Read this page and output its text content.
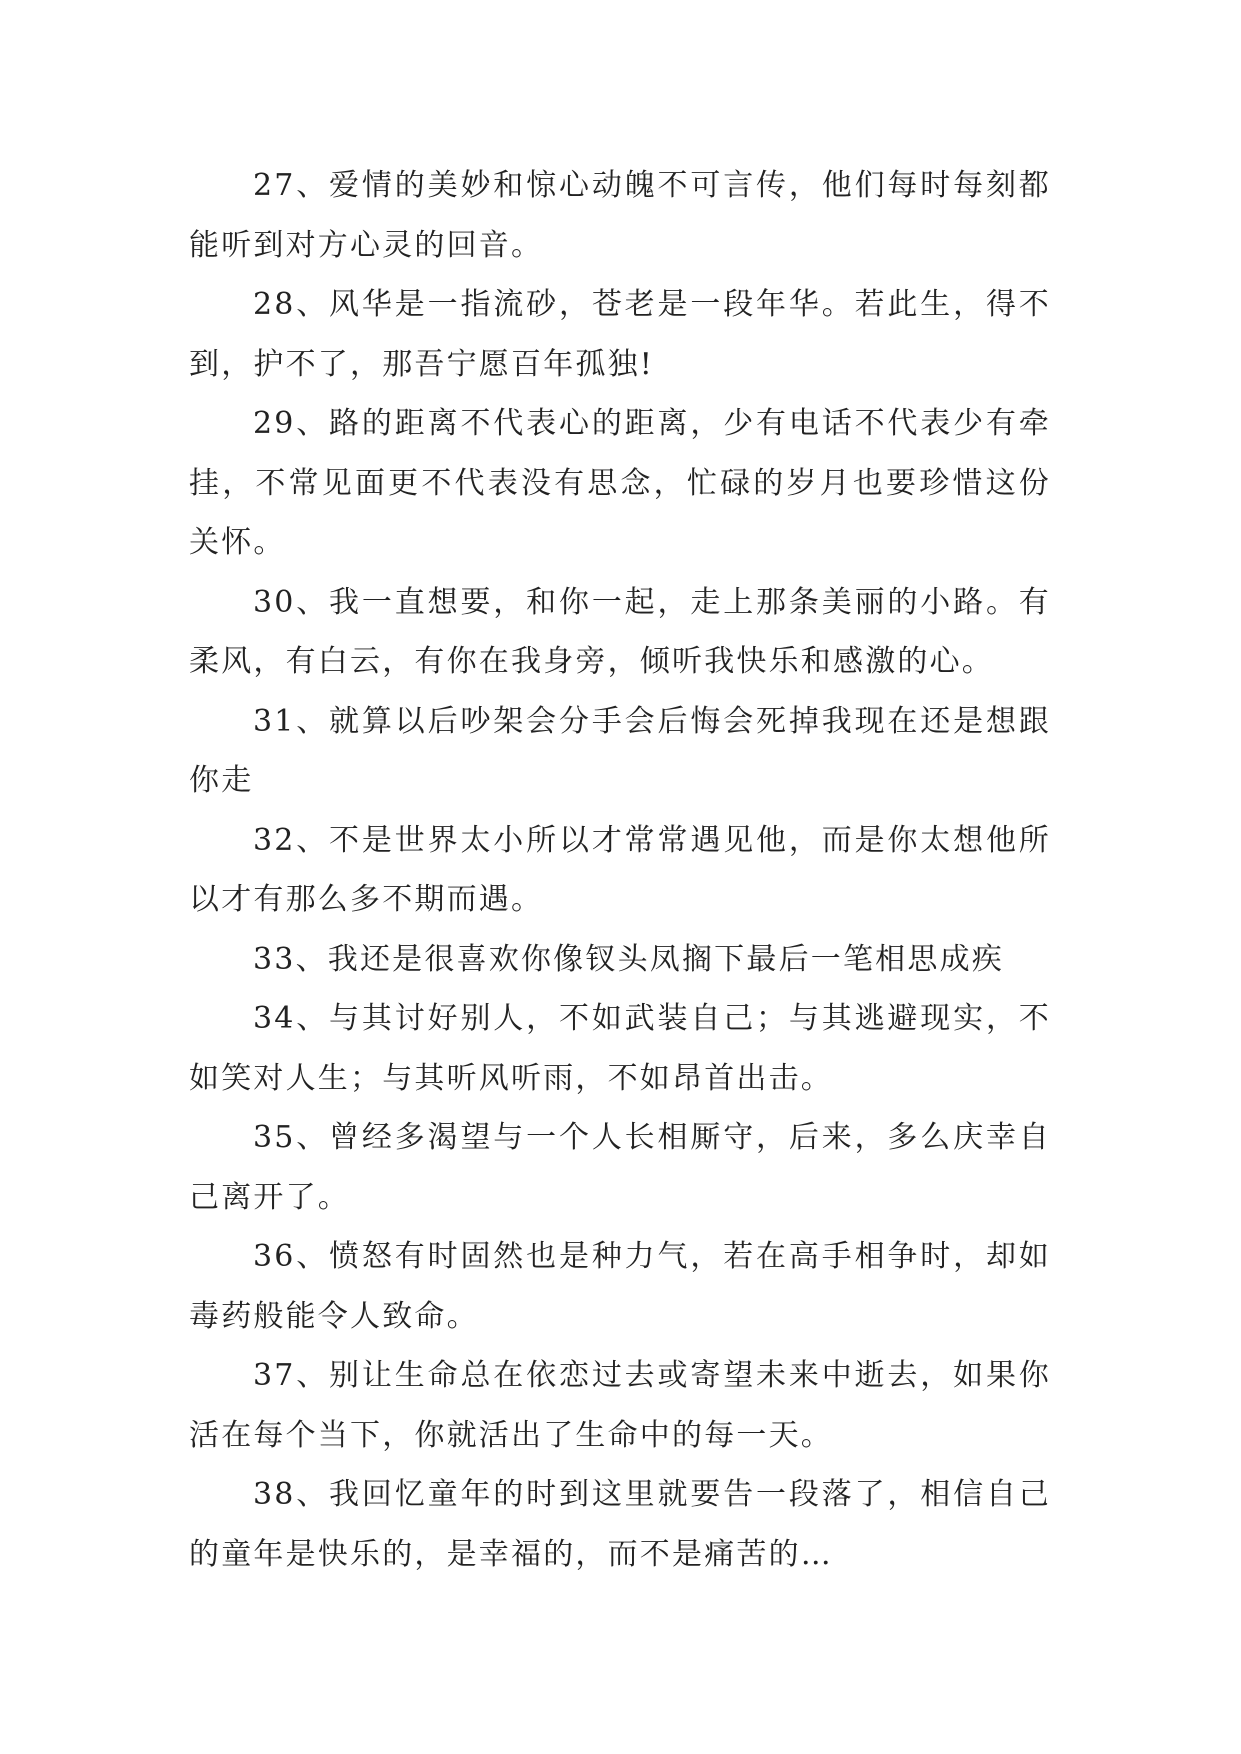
27、爱情的美妙和惊心动魄不可言传，他们每时每刻都能听到对方心灵的回音。

28、风华是一指流砂，苍老是一段年华。若此生，得不到，护不了，那吾宁愿百年孤独!

29、路的距离不代表心的距离，少有电话不代表少有牵挂，不常见面更不代表没有思念，忙碌的岁月也要珍惜这份关怀。

30、我一直想要，和你一起，走上那条美丽的小路。有柔风，有白云，有你在我身旁，倾听我快乐和感激的心。

31、就算以后吵架会分手会后悔会死掉我现在还是想跟你走

32、不是世界太小所以才常常遇见他，而是你太想他所以才有那么多不期而遇。

33、我还是很喜欢你像钗头凤搁下最后一笔相思成疾

34、与其讨好别人，不如武装自己；与其逃避现实，不如笑对人生；与其听风听雨，不如昂首出击。

35、曾经多渴望与一个人长相厮守，后来，多么庆幸自己离开了。

36、愤怒有时固然也是种力气，若在高手相争时，却如毒药般能令人致命。

37、别让生命总在依恋过去或寄望未来中逝去，如果你活在每个当下，你就活出了生命中的每一天。

38、我回忆童年的时到这里就要告一段落了，相信自己的童年是快乐的，是幸福的，而不是痛苦的…
